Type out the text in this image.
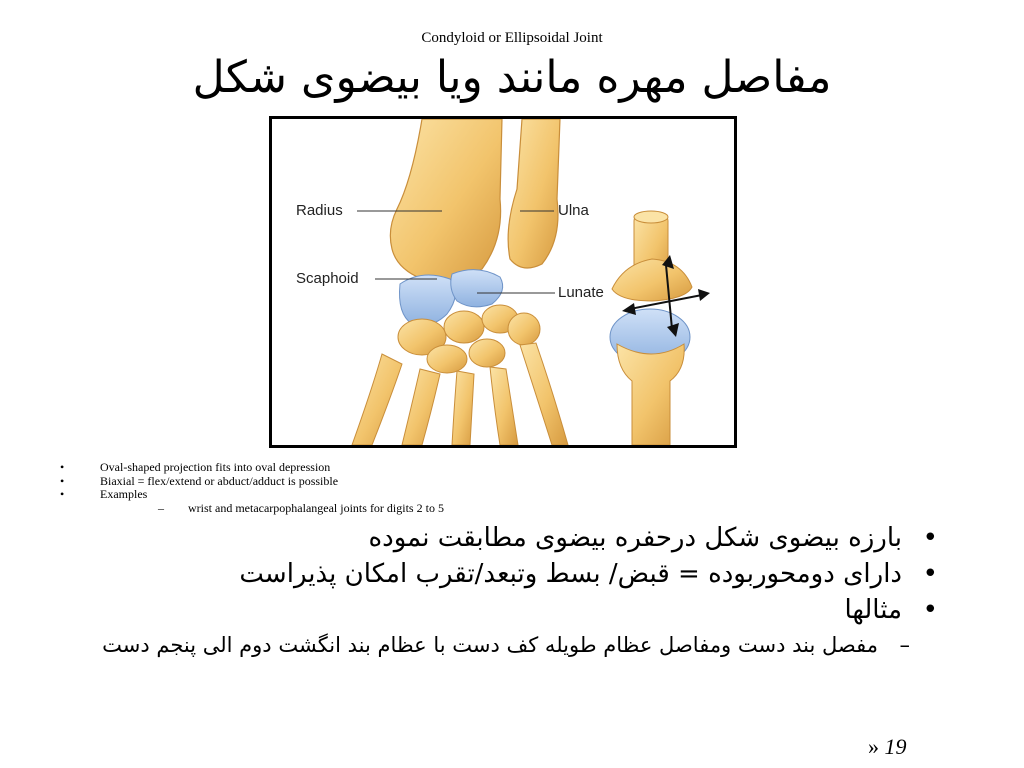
Condyloid or Ellipsoidal Joint
مفاصل مهره مانند ویا بیضوی شکل
Radius	Ulna
Scaphoid
Lunate
•	Oval-shaped projection fits into oval depression
•	Biaxial = flex/extend or abduct/adduct is possible
•	Examples
– wrist and metacarpophalangeal joints for digits 2 to 5
•
بارزه بیضوی شکل درحفره بیضوی مطابقت نموده
•
دارای دومحوربوده = قبض/ بسط وتبعد/تقرب امکان پذیراست
•
مثالها
–
مفصل بند دست ومفاصل عظام طویله کف دست با عظام بند انگشت دوم الی پنجم دست
» 19
